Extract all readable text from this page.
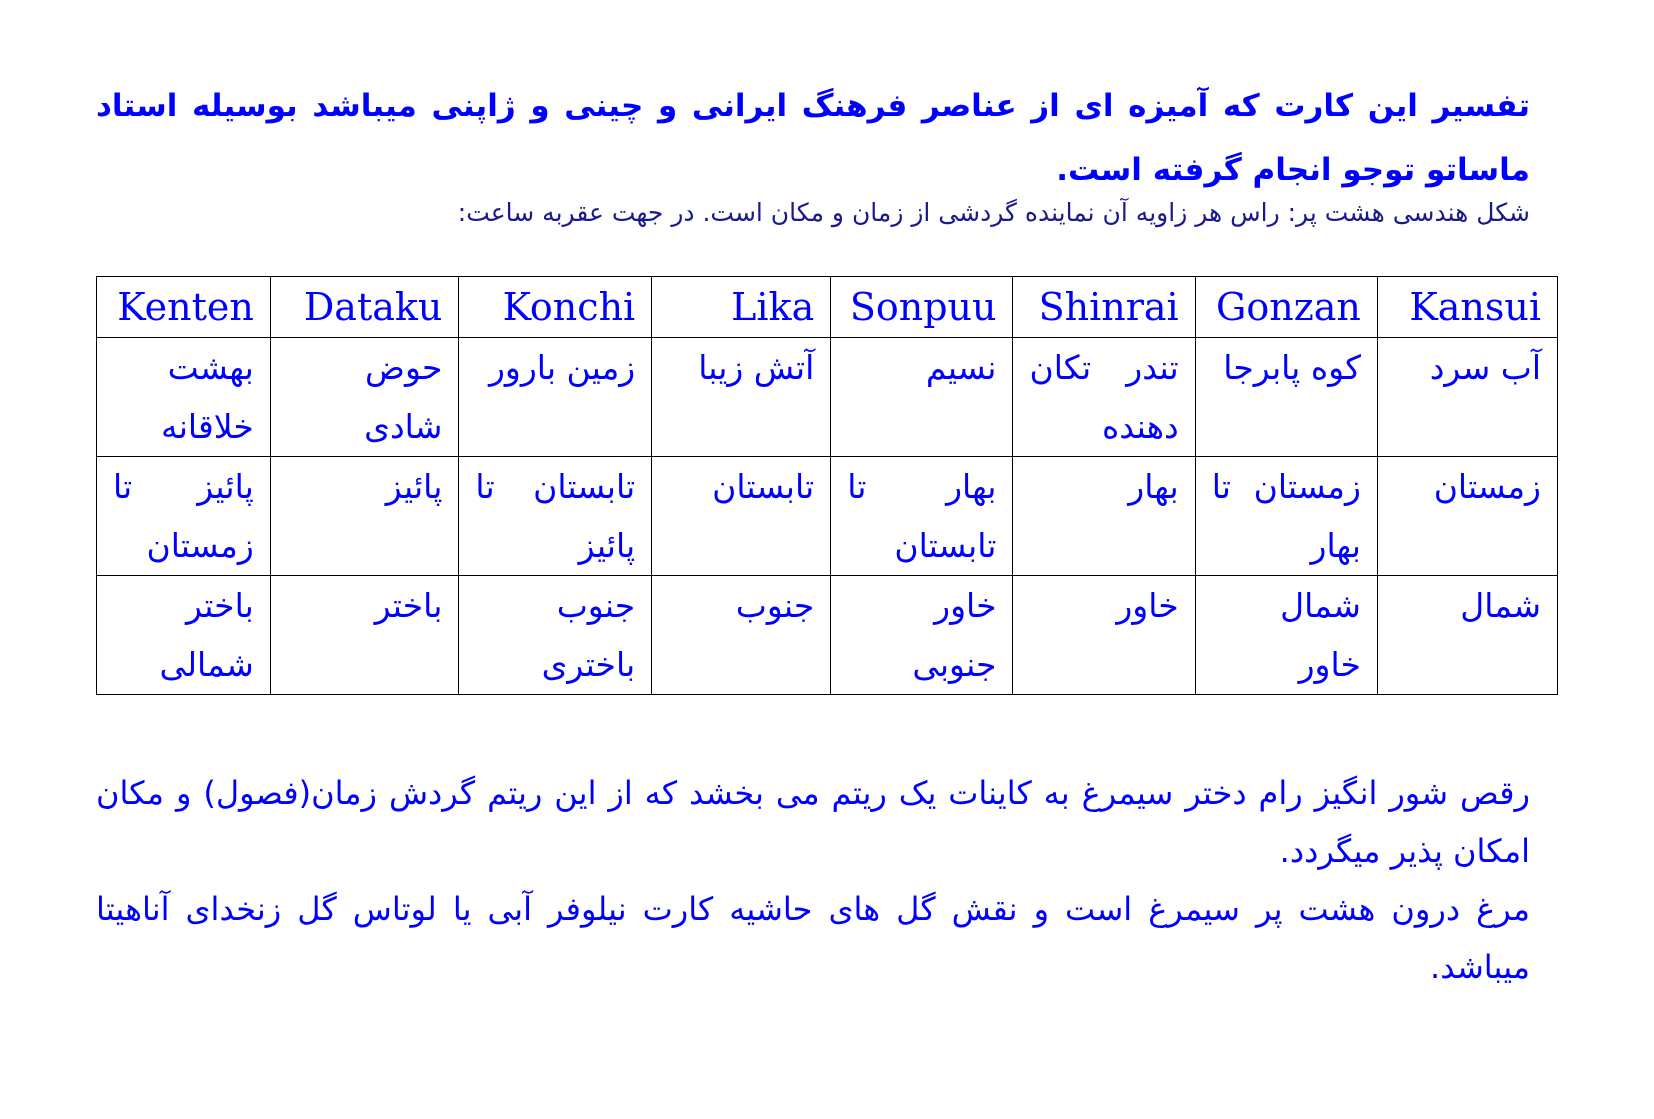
تفسیر این کارت که آمیزه ای از عناصر فرهنگ ایرانی و چینی و ژاپنی میباشد بوسیله استاد ماساتو توجو انجام گرفته است.

شکل هندسی هشت پر: راس هر زاویه آن نماینده گردشی از زمان و مکان است. در جهت عقربه ساعت:
Kansui	Gonzan	Shinrai	Sonpuu	Lika	Konchi	Dataku	Kenten
آب سرد	کوه پابرجا	تندر تکان دهنده	نسیم	آتش زیبا	زمین بارور	حوض شادی	بهشت خلاقانه
زمستان	زمستان تا بهار	بهار	بهار تا تابستان	تابستان	تابستان تا پائیز	پائیز	پائیز تا زمستان
شمال	شمال خاور	خاور	خاور جنوبی	جنوب	جنوب باختری	باختر	باختر شمالی

رقص شور انگیز رام دختر سیمرغ به کاینات یک ریتم می بخشد که از این ریتم گردش زمان(فصول) و مکان امکان پذیر میگردد.

مرغ درون هشت پر سیمرغ است و نقش گل های حاشیه کارت نیلوفر آبی یا لوتاس گل زنخدای آناهیتا میباشد.
